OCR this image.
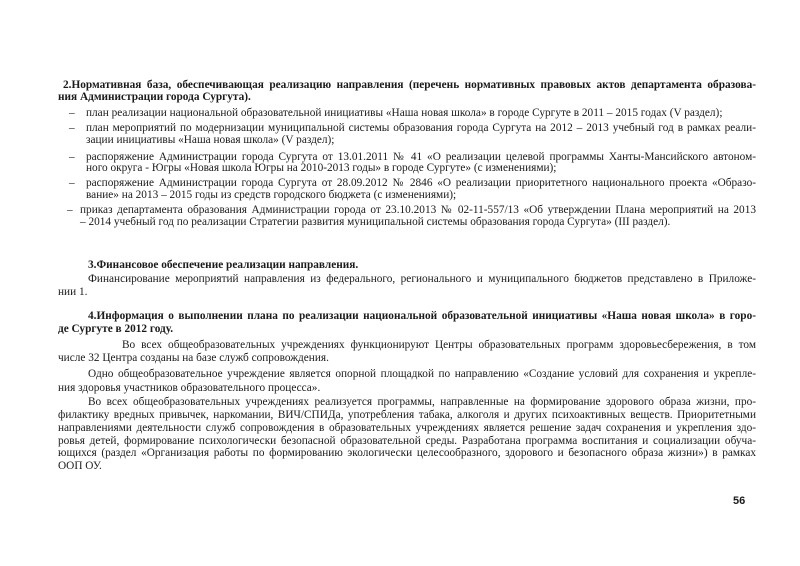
2.Нормативная база, обеспечивающая реализацию направления (перечень нормативных правовых актов департамента образова-
ния Администрации города Сургута).
– план реализации национальной образовательной инициативы «Наша новая школа» в городе Сургуте в 2011 – 2015 годах (V раздел);
– план мероприятий по модернизации муниципальной системы образования города Сургута на 2012 – 2013 учебный год в рамках реали-
зации инициативы «Наша новая школа» (V раздел);
– распоряжение Администрации города Сургута от 13.01.2011 № 41 «О реализации целевой программы Ханты-Мансийского автоном-
ного округа - Югры «Новая школа Югры на 2010-2013 годы» в городе Сургуте» (с изменениями);
– распоряжение Администрации города Сургута от 28.09.2012 № 2846 «О реализации приоритетного национального проекта «Образо-
вание» на 2013 – 2015 годы из средств городского бюджета (с изменениями);
– приказ департамента образования Администрации города от 23.10.2013 № 02-11-557/13 «Об утверждении Плана мероприятий на 2013
– 2014 учебный год по реализации Стратегии развития муниципальной системы образования города Сургута» (III раздел).
3.Финансовое обеспечение реализации направления.
Финансирование мероприятий направления из федерального, регионального и муниципального бюджетов представлено в Приложе-
нии 1.
4.Информация о выполнении плана по реализации национальной образовательной инициативы «Наша новая школа» в горо-
де Сургуте в 2012 году.
Во всех общеобразовательных учреждениях функционируют Центры образовательных программ здоровьесбережения, в том
числе 32 Центра созданы на базе служб сопровождения.
Одно общеобразовательное учреждение является опорной площадкой по направлению «Создание условий для сохранения и укрепле-
ния здоровья участников образовательного процесса».
Во всех общеобразовательных учреждениях реализуется программы, направленные на формирование здорового образа жизни, про-
филактику вредных привычек, наркомании, ВИЧ/СПИДа, употребления табака, алкоголя и других психоактивных веществ. Приоритетными
направлениями деятельности служб сопровождения в образовательных учреждениях является решение задач сохранения и укрепления здо-
ровья детей, формирование психологически безопасной образовательной среды. Разработана программа воспитания и социализации обуча-
ющихся (раздел «Организация работы по формированию экологически целесообразного, здорового и безопасного образа жизни») в рамках
ООП ОУ.
56
